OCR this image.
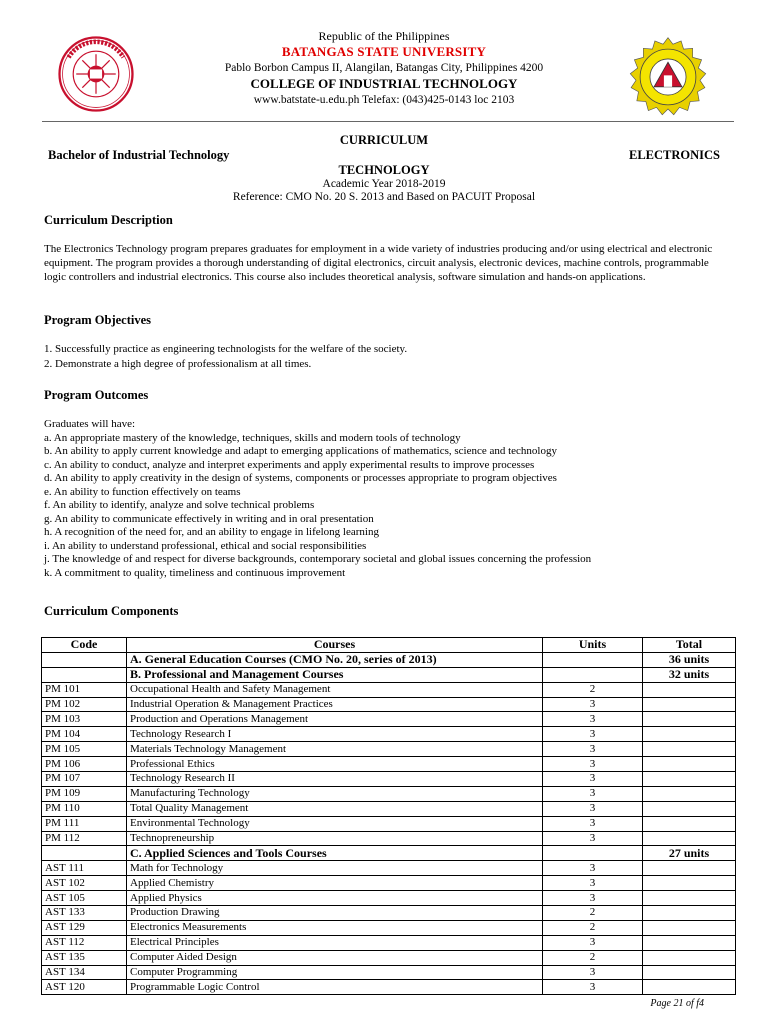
Republic of the Philippines
BATANGAS STATE UNIVERSITY
Pablo Borbon Campus II, Alangilan, Batangas City, Philippines 4200
COLLEGE OF INDUSTRIAL TECHNOLOGY
www.batstate-u.edu.ph Telefax: (043)425-0143 loc 2103
CURRICULUM
Bachelor of Industrial Technology	ELECTRONICS
TECHNOLOGY
Academic Year 2018-2019
Reference: CMO No. 20 S. 2013 and Based on PACUIT Proposal
Curriculum Description
The Electronics Technology program prepares graduates for employment in a wide variety of industries producing and/or using electrical and electronic equipment. The program provides a thorough understanding of digital electronics, circuit analysis, electronic devices, machine controls, programmable logic controllers and industrial electronics. This course also includes theoretical analysis, software simulation and hands-on applications.
Program Objectives
1. Successfully practice as engineering technologists for the welfare of the society.
2. Demonstrate a high degree of professionalism at all times.
Program Outcomes
Graduates will have:
a. An appropriate mastery of the knowledge, techniques, skills and modern tools of technology
b. An ability to apply current knowledge and adapt to emerging applications of mathematics, science and technology
c. An ability to conduct, analyze and interpret experiments and apply experimental results to improve processes
d. An ability to apply creativity in the design of systems, components or processes appropriate to program objectives
e. An ability to function effectively on teams
f. An ability to identify, analyze and solve technical problems
g. An ability to communicate effectively in writing and in oral presentation
h. A recognition of the need for, and an ability to engage in lifelong learning
i. An ability to understand professional, ethical and social responsibilities
j. The knowledge of and respect for diverse backgrounds, contemporary societal and global issues concerning the profession
k. A commitment to quality, timeliness and continuous improvement
Curriculum Components
Code	Courses	Units	Total
	A. General Education Courses (CMO No. 20, series of 2013)		36 units
	B. Professional and Management Courses		32 units
PM 101	Occupational Health and Safety Management	2	
PM 102	Industrial Operation & Management Practices	3	
PM 103	Production and Operations Management	3	
PM 104	Technology Research I	3	
PM 105	Materials Technology Management	3	
PM 106	Professional Ethics	3	
PM 107	Technology Research II	3	
PM 109	Manufacturing Technology	3	
PM 110	Total Quality Management	3	
PM 111	Environmental Technology	3	
PM 112	Technopreneurship	3	
	C. Applied Sciences and Tools Courses		27 units
AST 111	Math for Technology	3	
AST 102	Applied Chemistry	3	
AST 105	Applied Physics	3	
AST 133	Production Drawing	2	
AST 129	Electronics Measurements	2	
AST 112	Electrical Principles	3	
AST 135	Computer Aided Design	2	
AST 134	Computer Programming	3	
AST 120	Programmable Logic Control	3	
Page 21 of f4
